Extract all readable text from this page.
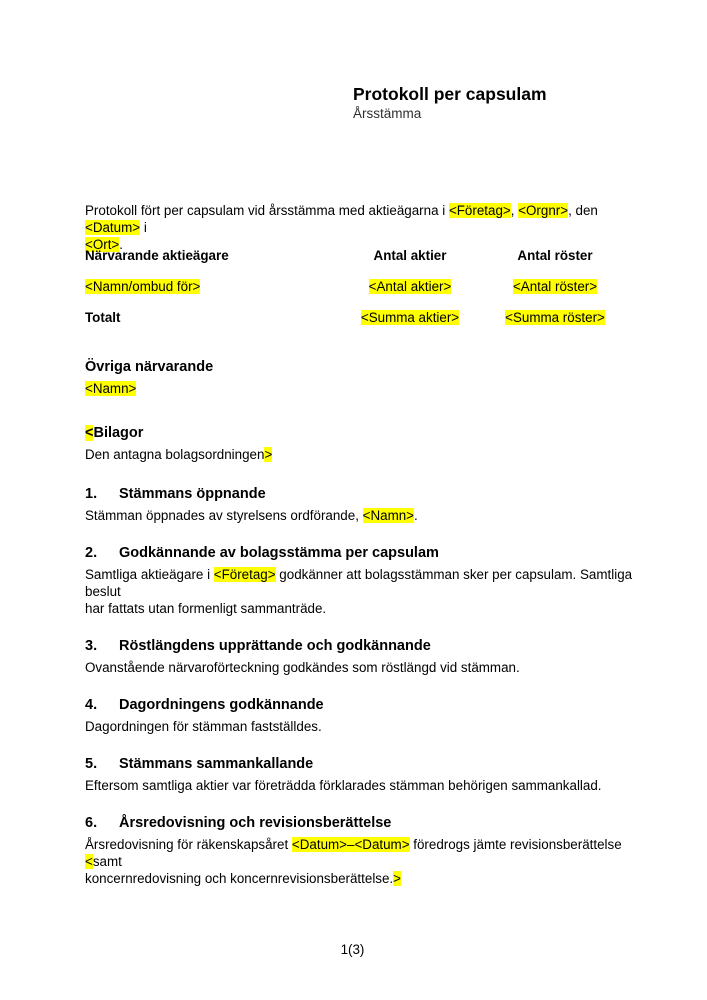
Protokoll per capsulam
Årsstämma
Protokoll fört per capsulam vid årsstämma med aktieägarna i <Företag>, <Orgnr>, den <Datum> i
<Ort>.
Närvarande aktieägare	Antal aktier	Antal röster
<Namn/ombud för>	<Antal aktier>	<Antal röster>
Totalt	<Summa aktier>	<Summa röster>
Övriga närvarande
<Namn>
<Bilagor
Den antagna bolagsordningen>
1.	Stämmans öppnande
Stämman öppnades av styrelsens ordförande, <Namn>.
2.	Godkännande av bolagsstämma per capsulam
Samtliga aktieägare i <Företag> godkänner att bolagsstämman sker per capsulam. Samtliga beslut
har fattats utan formenligt sammanträde.
3.	Röstlängdens upprättande och godkännande
Ovanstående närvaroförteckning godkändes som röstlängd vid stämman.
4.	Dagordningens godkännande
Dagordningen för stämman fastställdes.
5.	Stämmans sammankallande
Eftersom samtliga aktier var företrädda förklarades stämman behörigen sammankallad.
6.	Årsredovisning och revisionsberättelse
Årsredovisning för räkenskapsåret <Datum>–<Datum> föredrogs jämte revisionsberättelse <samt
koncernredovisning och koncernrevisionsberättelse.>
1(3)
